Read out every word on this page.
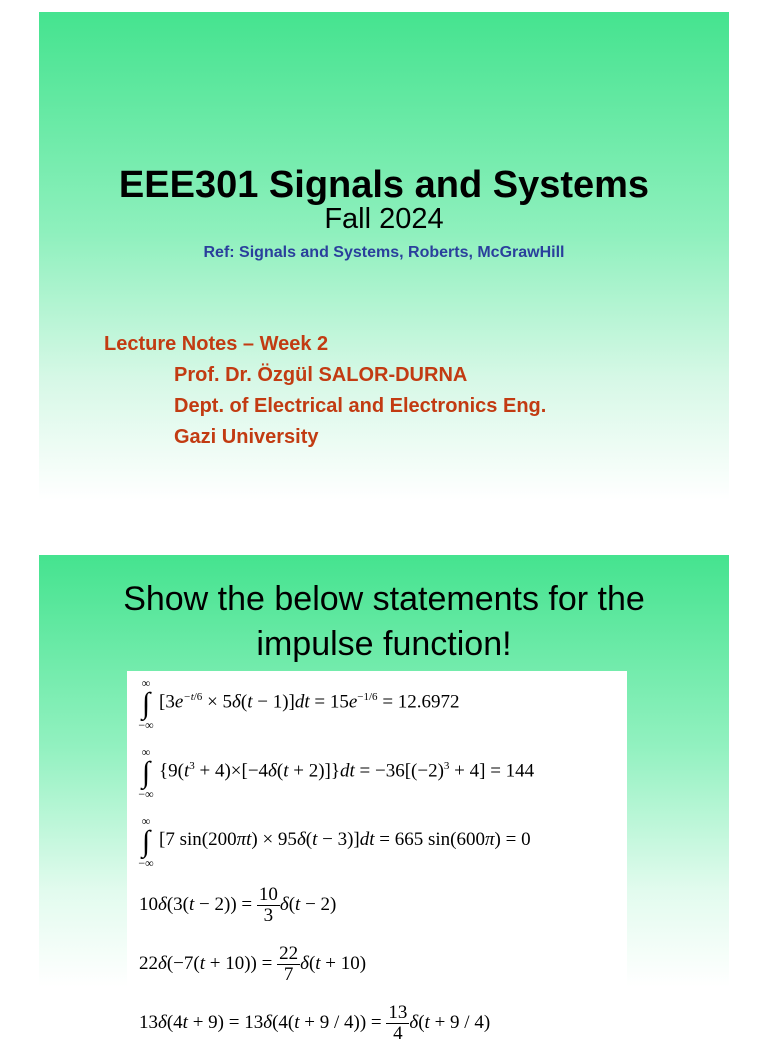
EEE301 Signals and Systems
Fall 2024
Ref: Signals and Systems, Roberts, McGrawHill
Lecture Notes – Week 2
Prof. Dr. Özgül SALOR-DURNA
Dept. of Electrical and Electronics Eng.
Gazi University
Show the below statements for the
impulse function!
∞
∫
−∞
$[3e^{-t/6} \times 5\delta(t - 1)]dt = 15e^{-1/6} = 12.6972$
∞
∫
−∞
$\{9(t^3 + 4)\times[-4\delta(t + 2)]\}dt = -36[(-2)^3 + 4] = 144$
∞
∫
−∞
[7 sin(200πt) × 95δ(t − 3)]dt = 665 sin(600π) = 0
$10\delta(3(t - 2)) = \frac{10}{3} \delta(t - 2)$
$22\delta(-7(t + 10)) = \frac{22}{7} \delta(t + 10)$
$13\delta(4t + 9) = 13\delta(4(t + 9 / 4)) = \frac{13}{4} \delta(t + 9 / 4)$
